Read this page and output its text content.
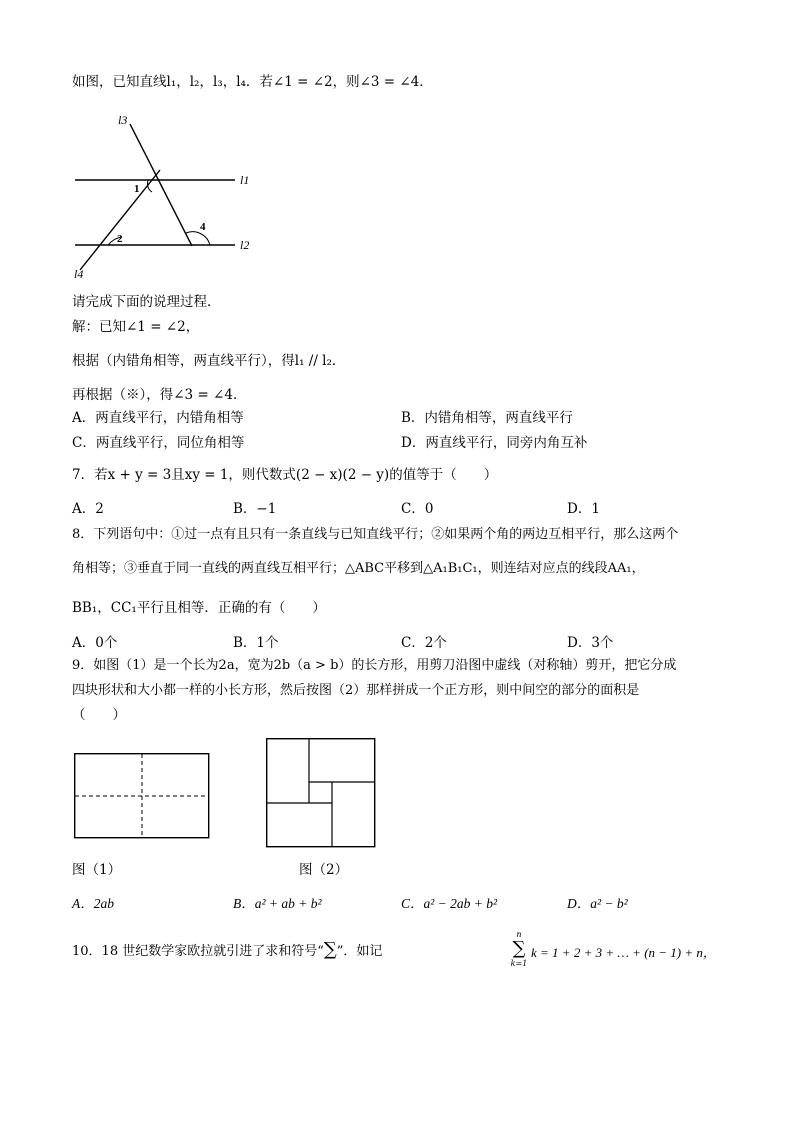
如图，已知直线l₁，l₂，l₃，l₄．若∠1 = ∠2，则∠3 = ∠4．
l3
l1
l2
l4
1
2
4
请完成下面的说理过程．
解：已知∠1 = ∠2，
根据（内错角相等，两直线平行），得l₁ // l₂．
再根据（※），得∠3 = ∠4．
A．两直线平行，内错角相等	B．内错角相等，两直线平行
C．两直线平行，同位角相等	D．两直线平行，同旁内角互补
7．若x + y = 3且xy = 1，则代数式(2 − x)(2 − y)的值等于（　　）
A．2	B．−1	C．0	D．1
8．下列语句中：①过一点有且只有一条直线与已知直线平行；②如果两个角的两边互相平行，那么这两个
角相等；③垂直于同一直线的两直线互相平行；△ABC平移到△A₁B₁C₁，则连结对应点的线段AA₁，
BB₁，CC₁平行且相等．正确的有（　　）
A．0个	B．1个	C．2个	D．3个
9．如图（1）是一个长为2a，宽为2b（a > b）的长方形，用剪刀沿图中虚线（对称轴）剪开，把它分成
四块形状和大小都一样的小长方形，然后按图（2）那样拼成一个正方形，则中间空的部分的面积是
（　　）
图（1）	图（2）
A．2ab	B．a² + ab + b²	C．a² − 2ab + b²	D．a² − b²
10．18 世纪数学家欧拉就引进了求和符号“∑”．如记
n
∑
k=1
k = 1 + 2 + 3 + … + (n − 1) + n，
